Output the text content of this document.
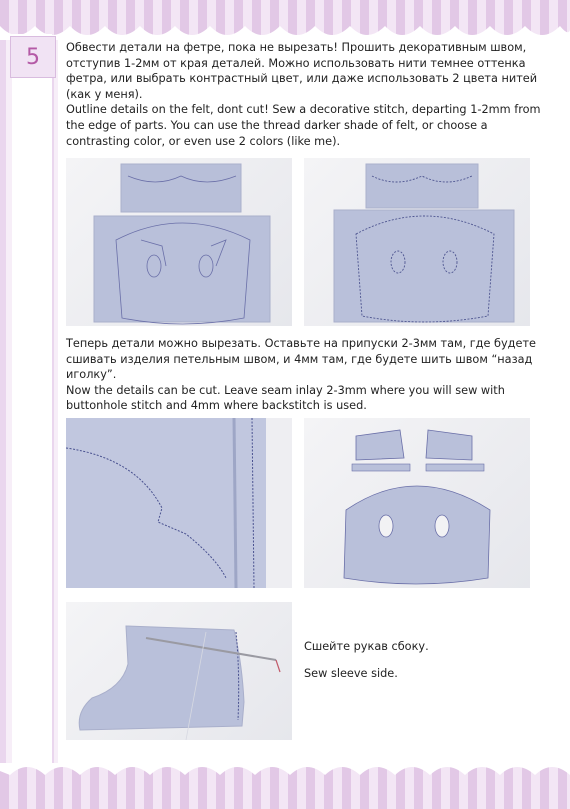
5 Обвести детали на фетре, пока не вырезать! Прошить декоративным швом, отступив 1-2мм от края деталей. Можно использовать нити темнее оттенка фетра, или выбрать контрастный цвет, или даже использовать 2 цвета нитей (как у меня).

Outline details on the felt, dont cut! Sew a decorative stitch, departing 1-2mm from the edge of parts. You can use the thread darker shade of felt, or choose a contrasting color, or even use 2 colors (like me).

Теперь детали можно вырезать. Оставьте на припуски 2-3мм там, где будете сшивать изделия петельным швом, и 4мм там, где будете шить швом “назад иголку”.

Now the details can be cut. Leave seam inlay 2-3mm where you will sew with buttonhole stitch and 4mm where backstitch is used.

Сшейте рукав сбоку.
Sew sleeve side.
